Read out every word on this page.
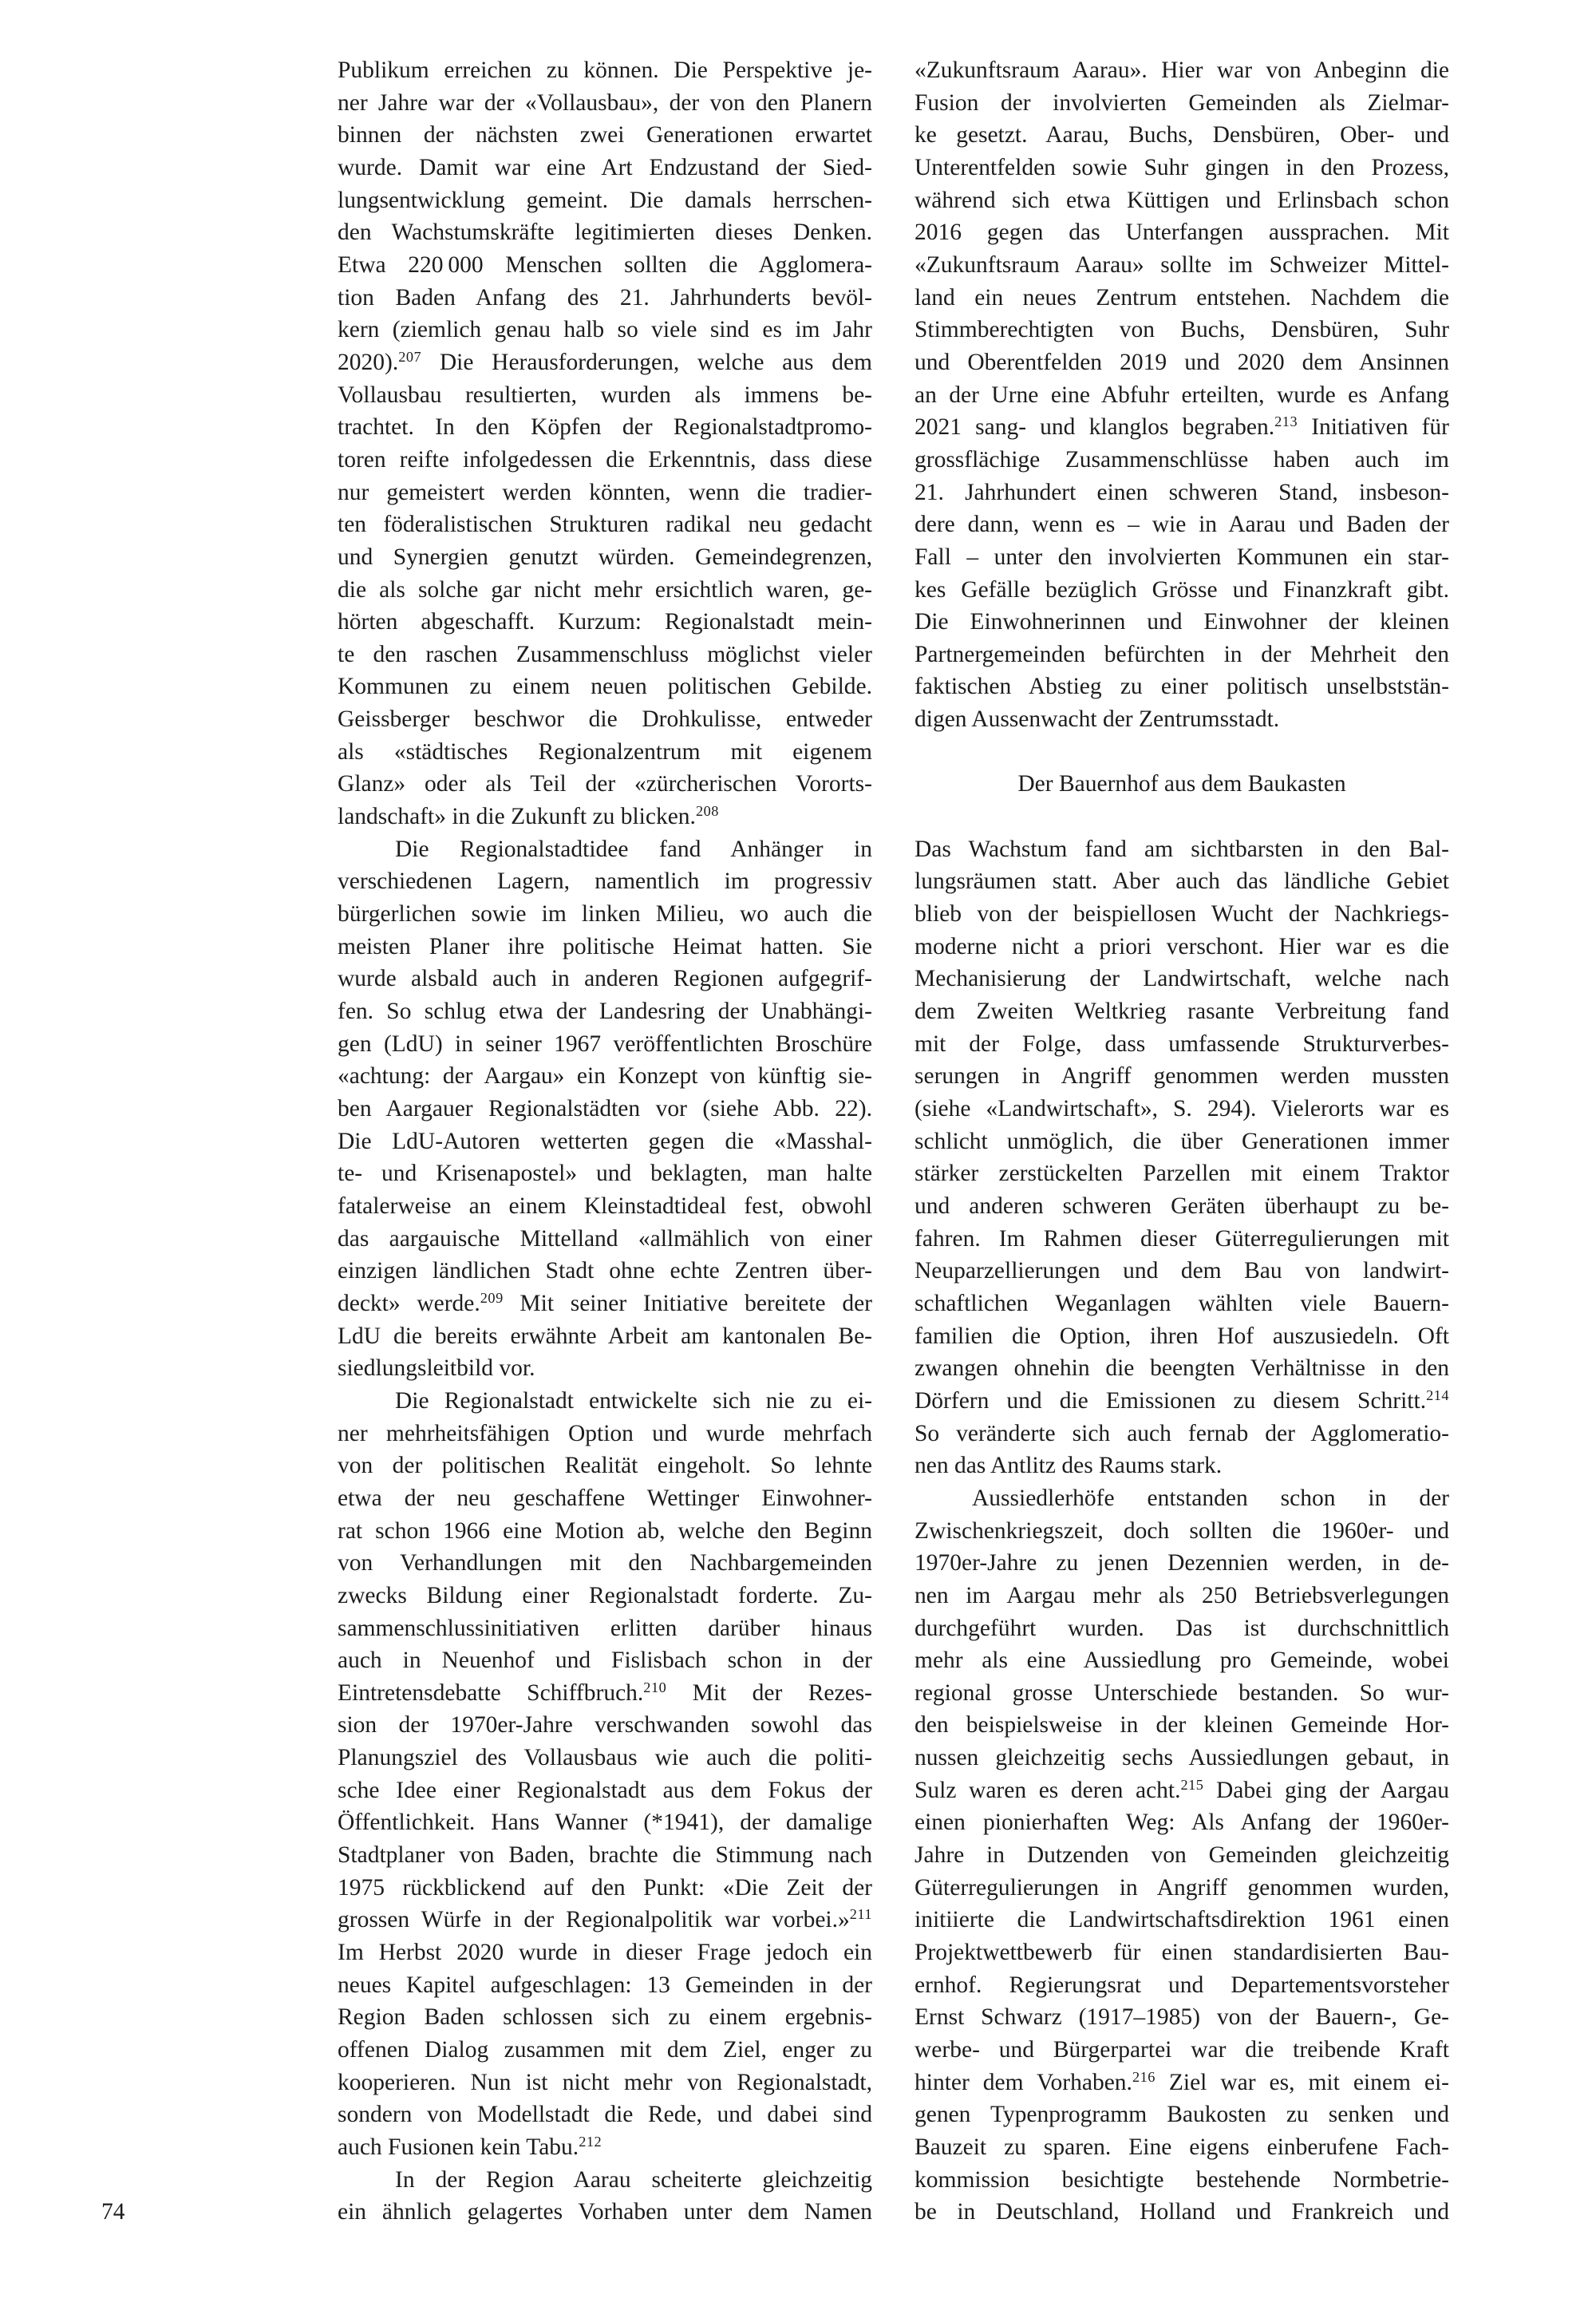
Publikum erreichen zu können. Die Perspektive je-
ner Jahre war der «Vollausbau», der von den Planern
binnen der nächsten zwei Generationen erwartet
wurde. Damit war eine Art Endzustand der Sied-
lungsentwicklung gemeint. Die damals herrschen-
den Wachstumskräfte legitimierten dieses Denken.
Etwa 220 000 Menschen sollten die Agglomera-
tion Baden Anfang des 21. Jahrhunderts bevöl-
kern (ziemlich genau halb so viele sind es im Jahr
2020).$^{207}$ Die Herausforderungen, welche aus dem
Vollausbau resultierten, wurden als immens be-
trachtet. In den Köpfen der Regionalstadtpromo-
toren reifte infolgedessen die Erkenntnis, dass diese
nur gemeistert werden könnten, wenn die tradier-
ten föderalistischen Strukturen radikal neu gedacht
und Synergien genutzt würden. Gemeindegrenzen,
die als solche gar nicht mehr ersichtlich waren, ge-
hörten abgeschafft. Kurzum: Regionalstadt mein-
te den raschen Zusammenschluss möglichst vieler
Kommunen zu einem neuen politischen Gebilde.
Geissberger beschwor die Drohkulisse, entweder
als «städtisches Regionalzentrum mit eigenem
Glanz» oder als Teil der «zürcherischen Vororts-
landschaft» in die Zukunft zu blicken.$^{208}$
Die Regionalstadtidee fand Anhänger in
verschiedenen Lagern, namentlich im progressiv
bürgerlichen sowie im linken Milieu, wo auch die
meisten Planer ihre politische Heimat hatten. Sie
wurde alsbald auch in anderen Regionen aufgegrif-
fen. So schlug etwa der Landesring der Unabhängi-
gen (LdU) in seiner 1967 veröffentlichten Broschüre
«achtung: der Aargau» ein Konzept von künftig sie-
ben Aargauer Regionalstädten vor (siehe Abb. 22).
Die LdU-Autoren wetterten gegen die «Masshal-
te- und Krisenapostel» und beklagten, man halte
fatalerweise an einem Kleinstadtideal fest, obwohl
das aargauische Mittelland «allmählich von einer
einzigen ländlichen Stadt ohne echte Zentren über-
deckt» werde.$^{209}$ Mit seiner Initiative bereitete der
LdU die bereits erwähnte Arbeit am kantonalen Be-
siedlungsleitbild vor.
Die Regionalstadt entwickelte sich nie zu ei-
ner mehrheitsfähigen Option und wurde mehrfach
von der politischen Realität eingeholt. So lehnte
etwa der neu geschaffene Wettinger Einwohner-
rat schon 1966 eine Motion ab, welche den Beginn
von Verhandlungen mit den Nachbargemeinden
zwecks Bildung einer Regionalstadt forderte. Zu-
sammenschlussinitiativen erlitten darüber hinaus
auch in Neuenhof und Fislisbach schon in der
Eintretensdebatte Schiffbruch.$^{210}$ Mit der Rezes-
sion der 1970er-Jahre verschwanden sowohl das
Planungsziel des Vollausbaus wie auch die politi-
sche Idee einer Regionalstadt aus dem Fokus der
Öffentlichkeit. Hans Wanner (*1941), der damalige
Stadtplaner von Baden, brachte die Stimmung nach
1975 rückblickend auf den Punkt: «Die Zeit der
grossen Würfe in der Regionalpolitik war vorbei.»$^{211}$
Im Herbst 2020 wurde in dieser Frage jedoch ein
neues Kapitel aufgeschlagen: 13 Gemeinden in der
Region Baden schlossen sich zu einem ergebnis-
offenen Dialog zusammen mit dem Ziel, enger zu
kooperieren. Nun ist nicht mehr von Regionalstadt,
sondern von Modellstadt die Rede, und dabei sind
auch Fusionen kein Tabu.$^{212}$
In der Region Aarau scheiterte gleichzeitig
ein ähnlich gelagertes Vorhaben unter dem Namen
«Zukunftsraum Aarau». Hier war von Anbeginn die
Fusion der involvierten Gemeinden als Zielmar-
ke gesetzt. Aarau, Buchs, Densbüren, Ober- und
Unterentfelden sowie Suhr gingen in den Prozess,
während sich etwa Küttigen und Erlinsbach schon
2016 gegen das Unterfangen aussprachen. Mit
«Zukunftsraum Aarau» sollte im Schweizer Mittel-
land ein neues Zentrum entstehen. Nachdem die
Stimmberechtigten von Buchs, Densbüren, Suhr
und Oberentfelden 2019 und 2020 dem Ansinnen
an der Urne eine Abfuhr erteilten, wurde es Anfang
2021 sang- und klanglos begraben.$^{213}$ Initiativen für
grossflächige Zusammenschlüsse haben auch im
21. Jahrhundert einen schweren Stand, insbeson-
dere dann, wenn es – wie in Aarau und Baden der
Fall – unter den involvierten Kommunen ein star-
kes Gefälle bezüglich Grösse und Finanzkraft gibt.
Die Einwohnerinnen und Einwohner der kleinen
Partnergemeinden befürchten in der Mehrheit den
faktischen Abstieg zu einer politisch unselbststän-
digen Aussenwacht der Zentrumsstadt.
Der Bauernhof aus dem Baukasten
Das Wachstum fand am sichtbarsten in den Bal-
lungsräumen statt. Aber auch das ländliche Gebiet
blieb von der beispiellosen Wucht der Nachkriegs-
moderne nicht a priori verschont. Hier war es die
Mechanisierung der Landwirtschaft, welche nach
dem Zweiten Weltkrieg rasante Verbreitung fand
mit der Folge, dass umfassende Strukturverbes-
serungen in Angriff genommen werden mussten
(siehe «Landwirtschaft», S. 294). Vielerorts war es
schlicht unmöglich, die über Generationen immer
stärker zerstückelten Parzellen mit einem Traktor
und anderen schweren Geräten überhaupt zu be-
fahren. Im Rahmen dieser Güterregulierungen mit
Neuparzellierungen und dem Bau von landwirt-
schaftlichen Weganlagen wählten viele Bauern-
familien die Option, ihren Hof auszusiedeln. Oft
zwangen ohnehin die beengten Verhältnisse in den
Dörfern und die Emissionen zu diesem Schritt.$^{214}$
So veränderte sich auch fernab der Agglomeratio-
nen das Antlitz des Raums stark.
Aussiedlerhöfe entstanden schon in der
Zwischenkriegszeit, doch sollten die 1960er- und
1970er-Jahre zu jenen Dezennien werden, in de-
nen im Aargau mehr als 250 Betriebsverlegungen
durchgeführt wurden. Das ist durchschnittlich
mehr als eine Aussiedlung pro Gemeinde, wobei
regional grosse Unterschiede bestanden. So wur-
den beispielsweise in der kleinen Gemeinde Hor-
nussen gleichzeitig sechs Aussiedlungen gebaut, in
Sulz waren es deren acht.$^{215}$ Dabei ging der Aargau
einen pionierhaften Weg: Als Anfang der 1960er-
Jahre in Dutzenden von Gemeinden gleichzeitig
Güterregulierungen in Angriff genommen wurden,
initiierte die Landwirtschaftsdirektion 1961 einen
Projektwettbewerb für einen standardisierten Bau-
ernhof. Regierungsrat und Departementsvorsteher
Ernst Schwarz (1917–1985) von der Bauern-, Ge-
werbe- und Bürgerpartei war die treibende Kraft
hinter dem Vorhaben.$^{216}$ Ziel war es, mit einem ei-
genen Typenprogramm Baukosten zu senken und
Bauzeit zu sparen. Eine eigens einberufene Fach-
kommission besichtigte bestehende Normbetrie-
be in Deutschland, Holland und Frankreich und
74
